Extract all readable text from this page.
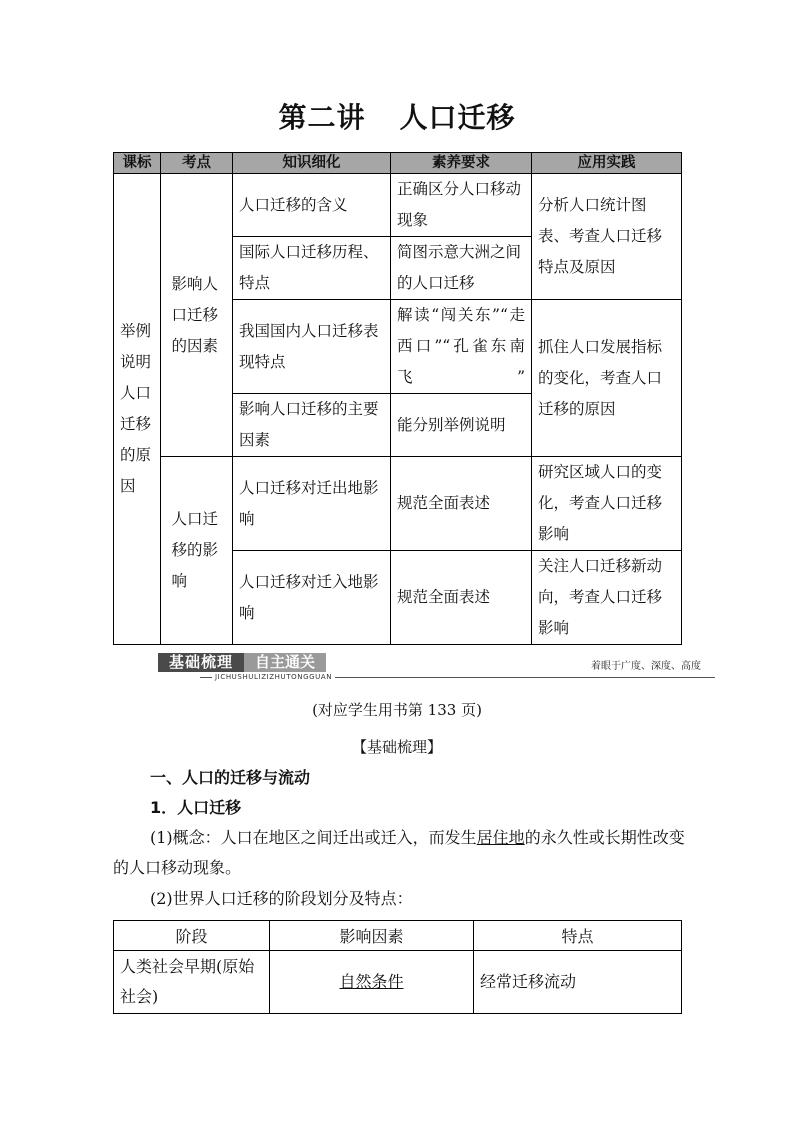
第二讲 人口迁移
课标	考点	知识细化	素养要求	应用实践
举例说明人口迁移的原因	影响人口迁移的因素	人口迁移的含义	正确区分人口移动现象	分析人口统计图表、考查人口迁移特点及原因
		国际人口迁移历程、特点	简图示意大洲之间的人口迁移	
		我国国内人口迁移表现特点	解读“闯关东”“走西口”“孔雀东南飞”	抓住人口发展指标的变化，考查人口迁移的原因
		影响人口迁移的主要因素	能分别举例说明	
	人口迁移的影响	人口迁移对迁出地影响	规范全面表述	研究区域人口的变化，考查人口迁移影响
		人口迁移对迁入地影响	规范全面表述	关注人口迁移新动向，考查人口迁移影响
基础梳理	自主通关
JICHUSHULIZIZHUTONGGUAN
着眼于广度、深度、高度
(对应学生用书第 133 页)
【基础梳理】
一、人口的迁移与流动
1．人口迁移
(1)概念：人口在地区之间迁出或迁入，而发生居住地的永久性或长期性改变的人口移动现象。
(2)世界人口迁移的阶段划分及特点：
阶段	影响因素	特点
人类社会早期(原始社会)	自然条件	经常迁移流动
